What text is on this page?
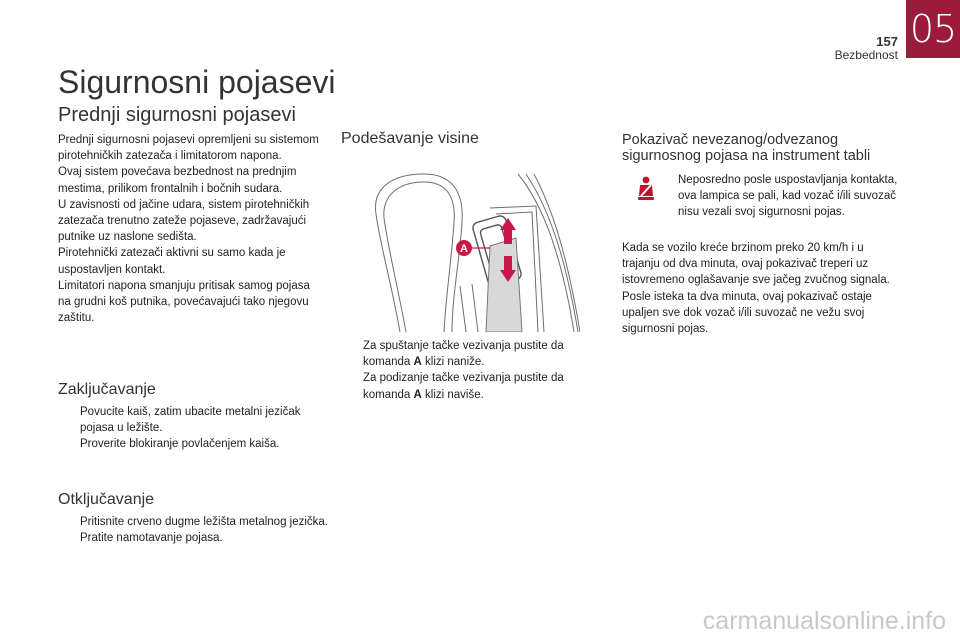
05
157
Bezbednost
Sigurnosni pojasevi
Prednji sigurnosni pojasevi

Prednji sigurnosni pojasevi opremljeni su sistemom pirotehničkih zatezača i limitatorom napona.

Ovaj sistem povećava bezbednost na prednjim mestima, prilikom frontalnih i bočnih sudara.

U zavisnosti od jačine udara, sistem pirotehničkih zatezača trenutno zateže pojaseve, zadržavajući putnike uz naslone sedišta.

Pirotehnički zatezači aktivni su samo kada je uspostavljen kontakt.

Limitatori napona smanjuju pritisak samog pojasa na grudni koš putnika, povećavajući tako njegovu zaštitu.

Zaključavanje
Povucite kaiš, zatim ubacite metalni jezičak pojasa u ležište.
Proverite blokiranje povlačenjem kaiša.
Otključavanje
Pritisnite crveno dugme ležišta metalnog jezička.
Pratite namotavanje pojasa.
Podešavanje visine
A
Za spuštanje tačke vezivanja pustite da komanda A klizi naniže.
Za podizanje tačke vezivanja pustite da komanda A klizi naviše.
Pokazivač nevezanog/odvezanog sigurnosnog pojasa na instrument tabli
Neposredno posle uspostavljanja kontakta, ova lampica se pali, kad vozač i/ili suvozač nisu vezali svoj sigurnosni pojas.

Kada se vozilo kreće brzinom preko 20 km/h i u trajanju od dva minuta, ovaj pokazivač treperi uz istovremeno oglašavanje sve jačeg zvučnog signala. Posle isteka ta dva minuta, ovaj pokazivač ostaje upaljen sve dok vozač i/ili suvozač ne vežu svoj sigurnosni pojas.

carmanualsonline.info
